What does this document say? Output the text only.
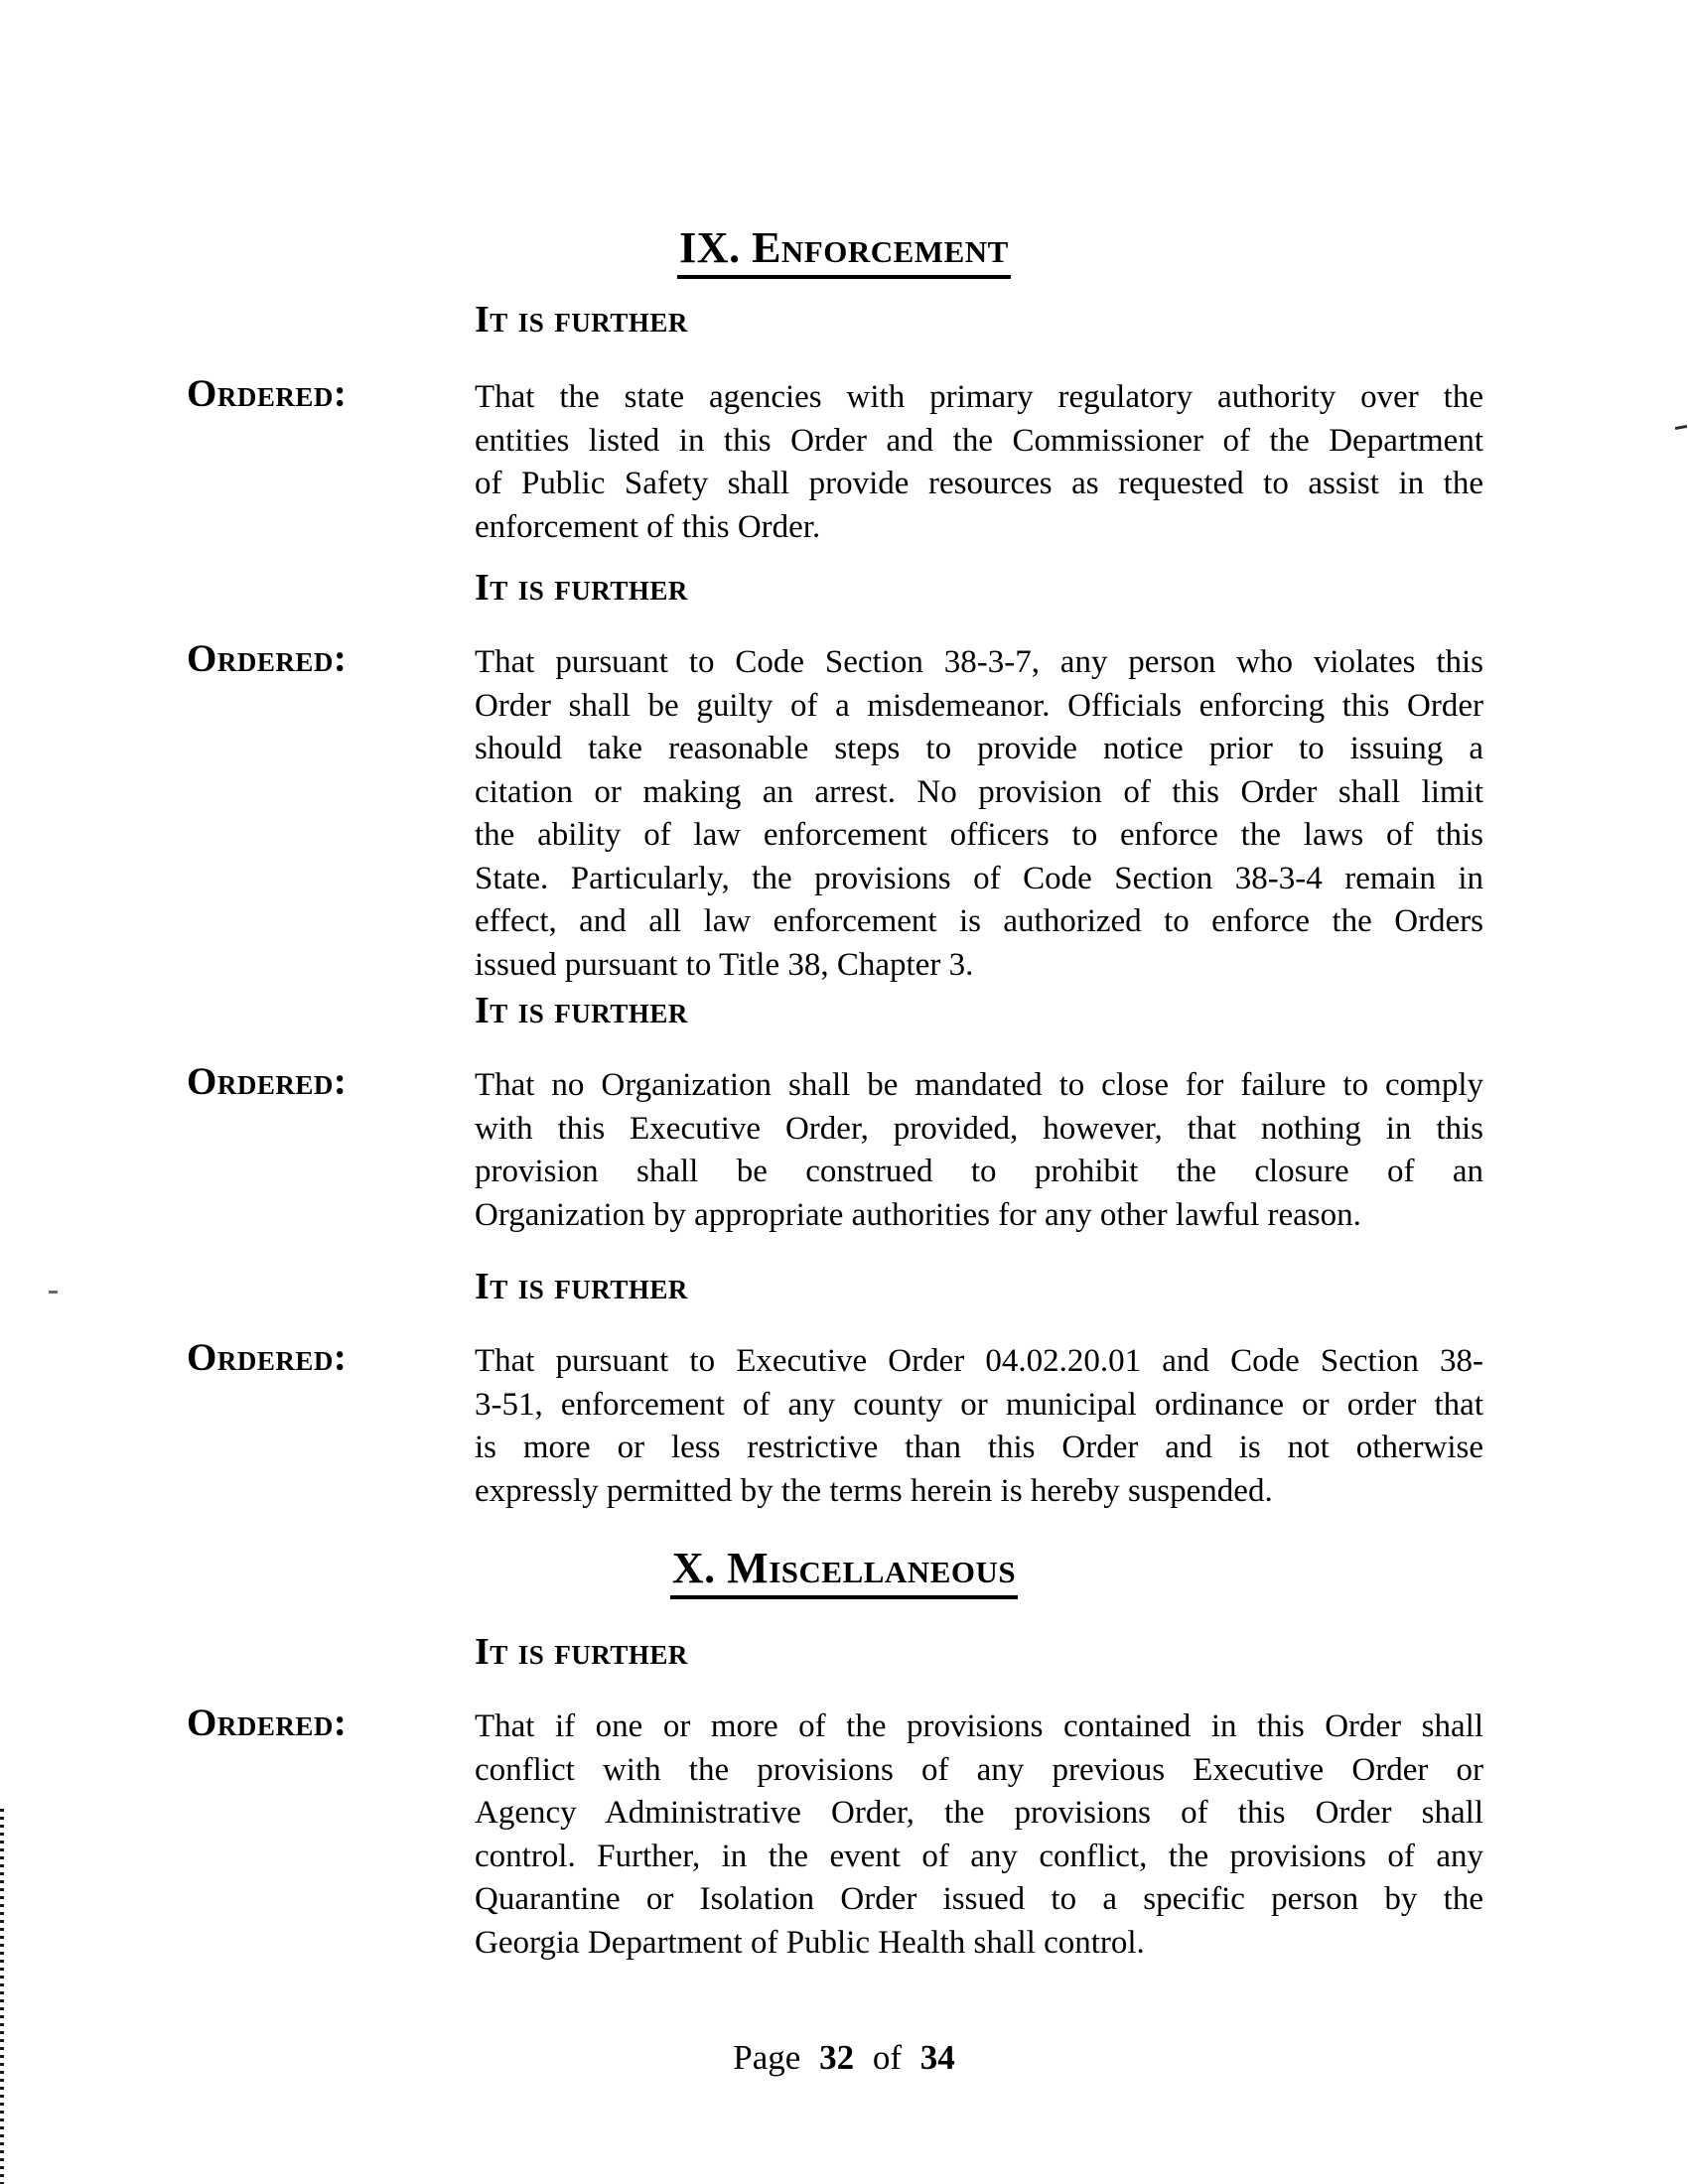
IX. Enforcement
It is further
Ordered:	That the state agencies with primary regulatory authority over the
entities listed in this Order and the Commissioner of the Department
of Public Safety shall provide resources as requested to assist in the
enforcement of this Order.
It is further
Ordered:	That pursuant to Code Section 38-3-7, any person who violates this
Order shall be guilty of a misdemeanor. Officials enforcing this Order
should take reasonable steps to provide notice prior to issuing a
citation or making an arrest. No provision of this Order shall limit
the ability of law enforcement officers to enforce the laws of this
State. Particularly, the provisions of Code Section 38-3-4 remain in
effect, and all law enforcement is authorized to enforce the Orders
issued pursuant to Title 38, Chapter 3.
It is further
Ordered:	That no Organization shall be mandated to close for failure to comply
with this Executive Order, provided, however, that nothing in this
provision shall be construed to prohibit the closure of an
Organization by appropriate authorities for any other lawful reason.
It is further
Ordered:	That pursuant to Executive Order 04.02.20.01 and Code Section 38-
3-51, enforcement of any county or municipal ordinance or order that
is more or less restrictive than this Order and is not otherwise
expressly permitted by the terms herein is hereby suspended.
X. Miscellaneous
It is further
Ordered:	That if one or more of the provisions contained in this Order shall
conflict with the provisions of any previous Executive Order or
Agency Administrative Order, the provisions of this Order shall
control. Further, in the event of any conflict, the provisions of any
Quarantine or Isolation Order issued to a specific person by the
Georgia Department of Public Health shall control.
Page 32 of 34
